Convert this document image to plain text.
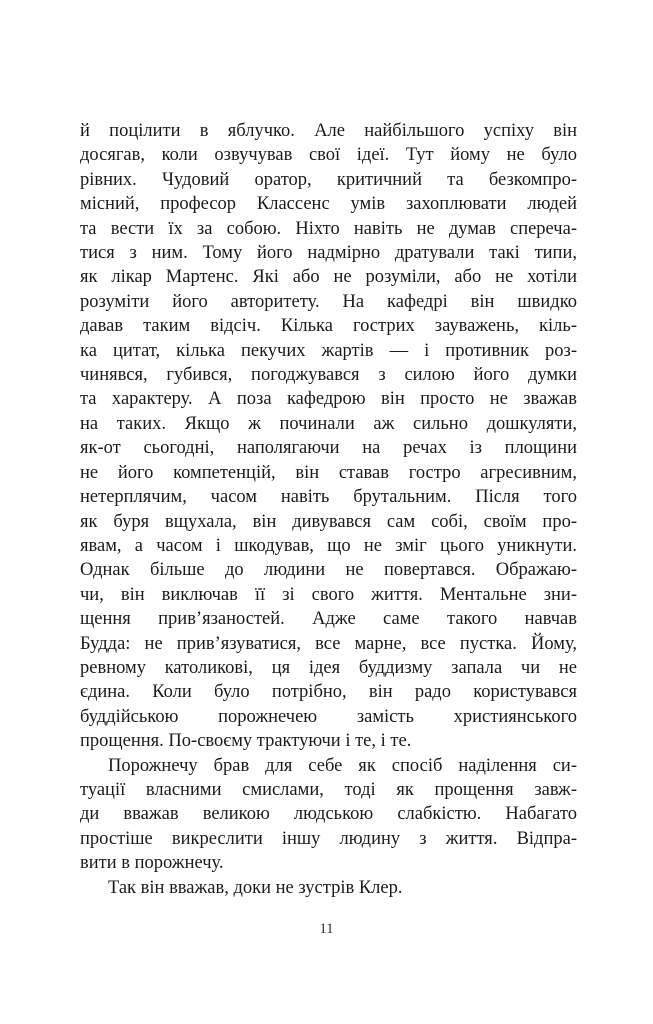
й поцілити в яблучко. Але найбільшого успіху він
досягав, коли озвучував свої ідеї. Тут йому не було
рівних. Чудовий оратор, критичний та безкомпро-
місний, професор Классенс умів захоплювати людей
та вести їх за собою. Ніхто навіть не думав спереча-
тися з ним. Тому його надмірно дратували такі типи,
як лікар Мартенс. Які або не розуміли, або не хотіли
розуміти його авторитету. На кафедрі він швидко
давав таким відсіч. Кілька гострих зауважень, кіль-
ка цитат, кілька пекучих жартів — і противник роз-
чинявся, губився, погоджувався з силою його думки
та характеру. А поза кафедрою він просто не зважав
на таких. Якщо ж починали аж сильно дошкуляти,
як-от сьогодні, наполягаючи на речах із площини
не його компетенцій, він ставав гостро агресивним,
нетерплячим, часом навіть брутальним. Після того
як буря вщухала, він дивувався сам собі, своїм про-
явам, а часом і шкодував, що не зміг цього уникнути.
Однак більше до людини не повертався. Ображаю-
чи, він виключав її зі свого життя. Ментальне зни-
щення прив’язаностей. Адже саме такого навчав
Будда: не прив’язуватися, все марне, все пустка. Йому,
ревному католикові, ця ідея буддизму запала чи не
єдина. Коли було потрібно, він радо користувався
буддійською порожнечею замість християнського
прощення. По-своєму трактуючи і те, і те.
Порожнечу брав для себе як спосіб наділення си-
туації власними смислами, тоді як прощення завж-
ди вважав великою людською слабкістю. Набагато
простіше викреслити іншу людину з життя. Відпра-
вити в порожнечу.
Так він вважав, доки не зустрів Клер.
11
